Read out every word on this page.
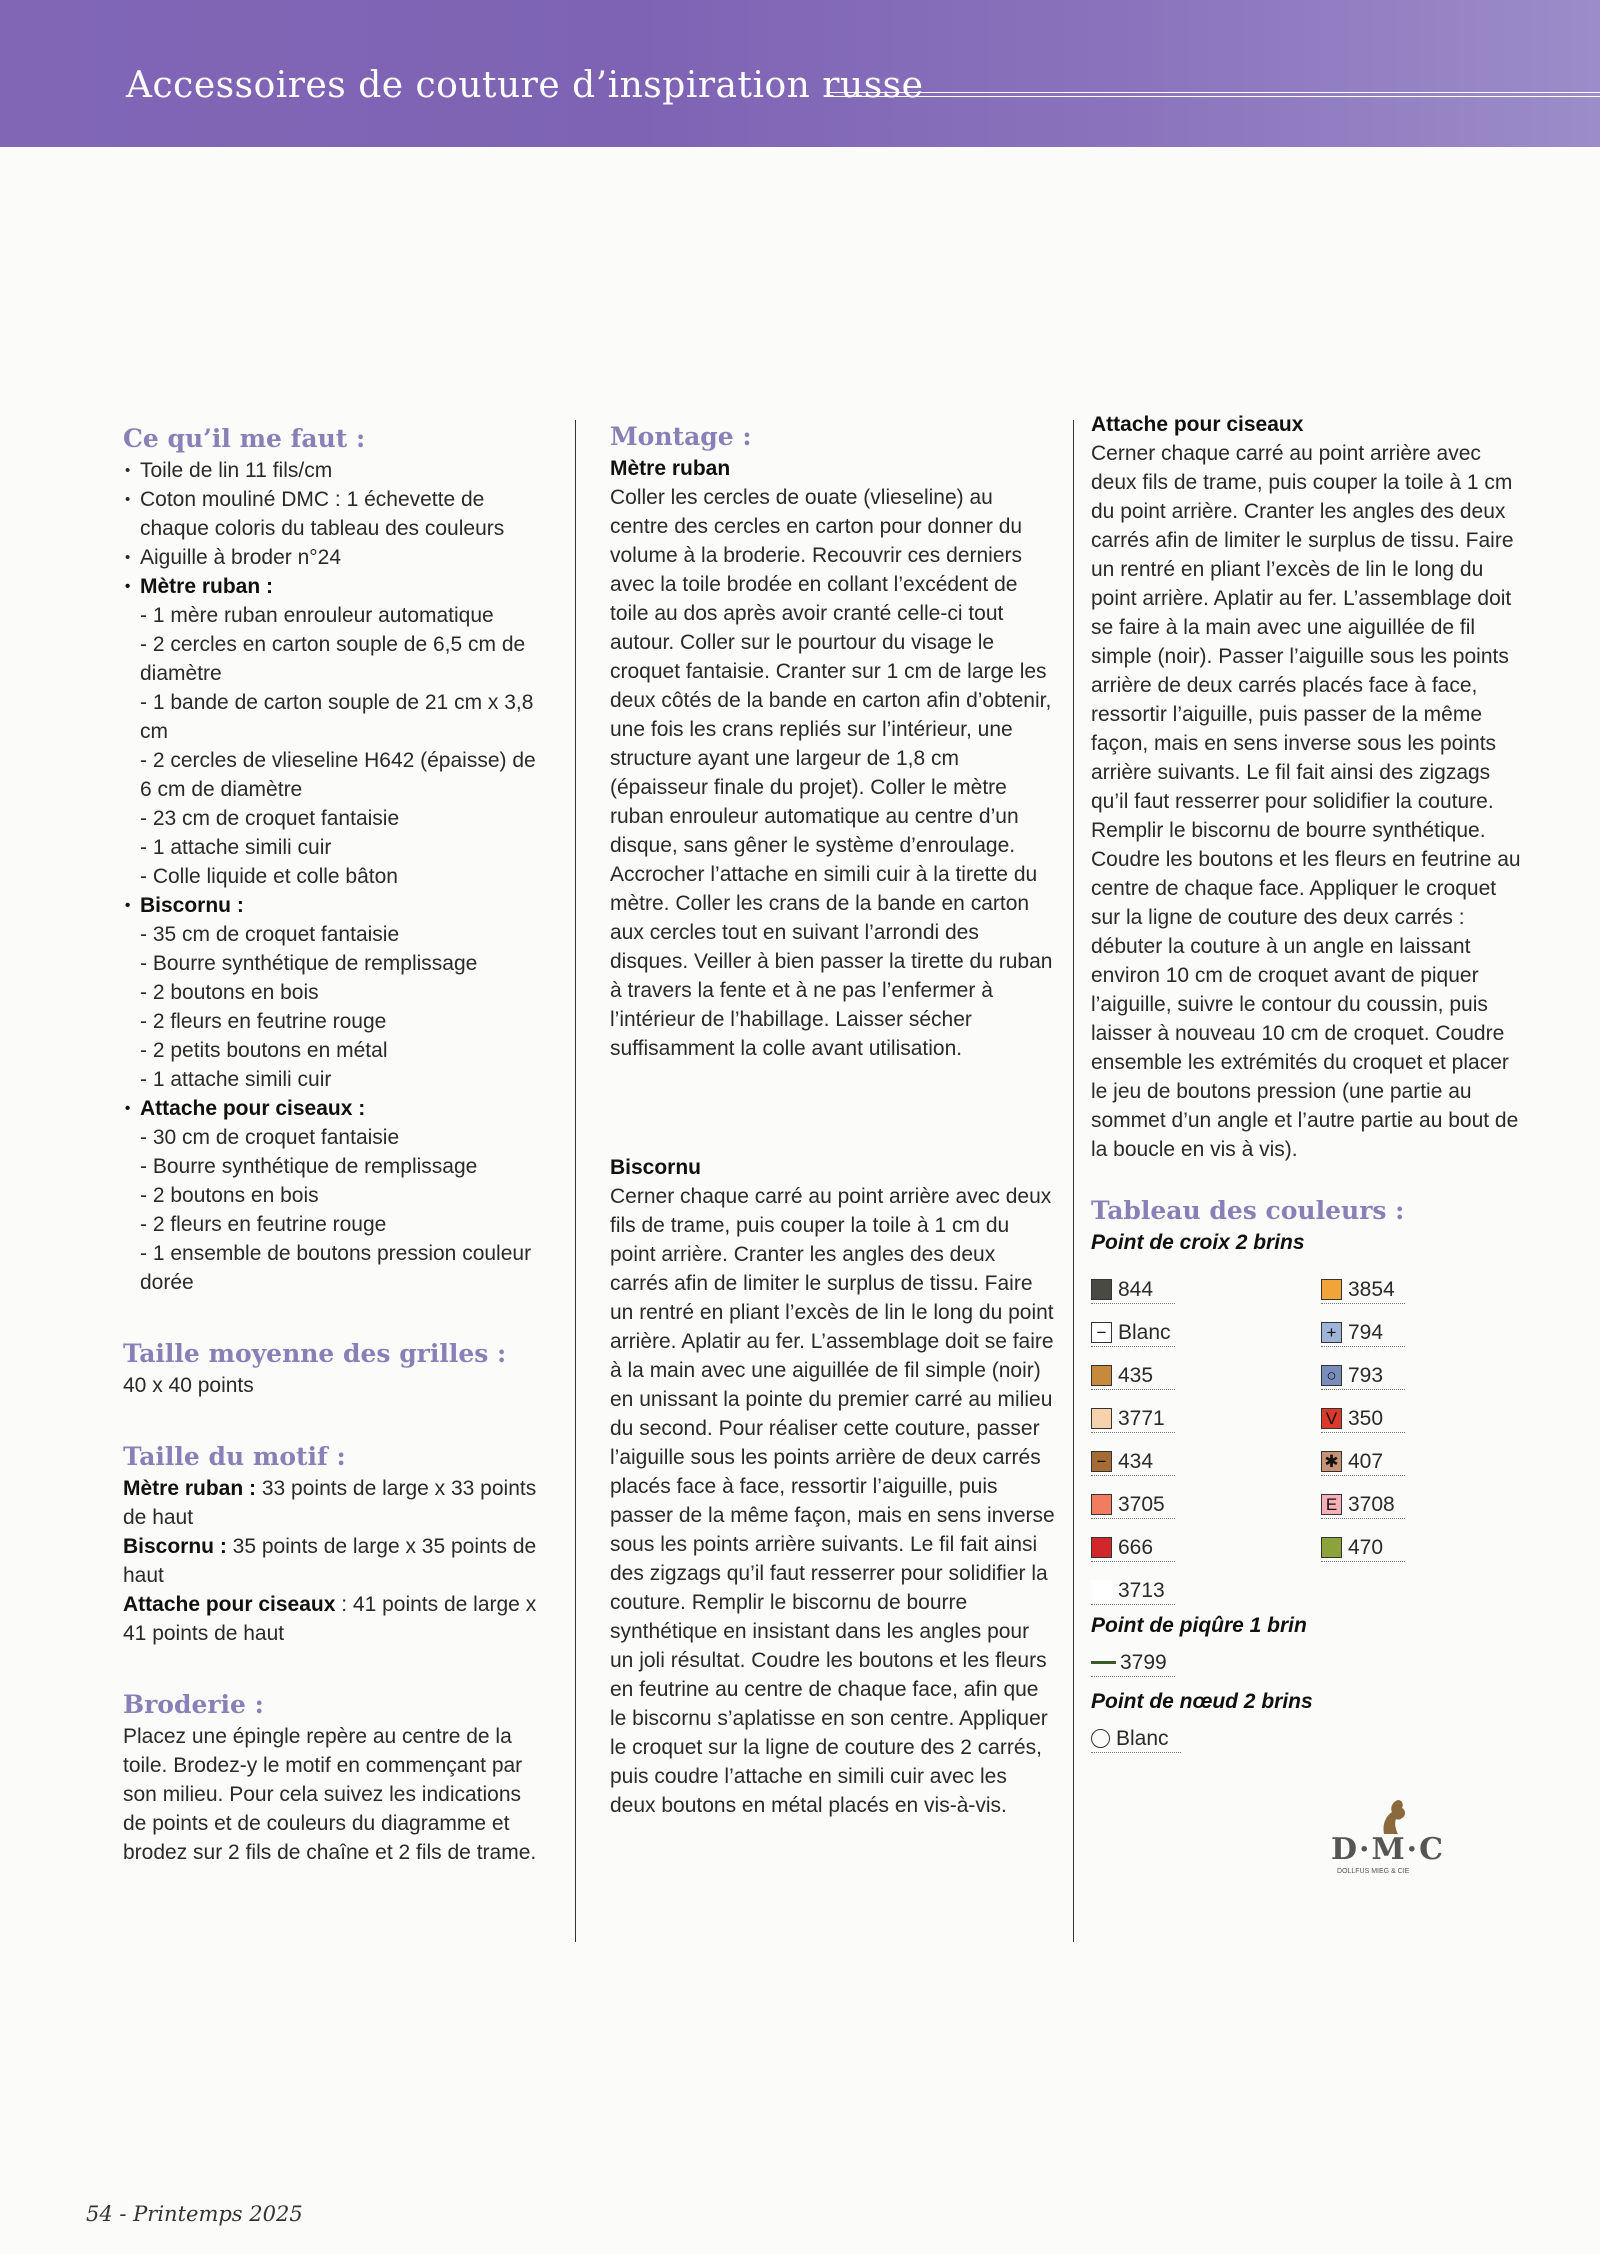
Accessoires de couture d’inspiration russe
Ce qu’il me faut :
• Toile de lin 11 fils/cm
• Coton mouliné DMC : 1 échevette de chaque coloris du tableau des couleurs
• Aiguille à broder n°24
• Mètre ruban :
- 1 mère ruban enrouleur automatique
- 2 cercles en carton souple de 6,5 cm de diamètre
- 1 bande de carton souple de 21 cm x 3,8 cm
- 2 cercles de vlieseline H642 (épaisse) de 6 cm de diamètre
- 23 cm de croquet fantaisie
- 1 attache simili cuir
- Colle liquide et colle bâton
• Biscornu :
- 35 cm de croquet fantaisie
- Bourre synthétique de remplissage
- 2 boutons en bois
- 2 fleurs en feutrine rouge
- 2 petits boutons en métal
- 1 attache simili cuir
• Attache pour ciseaux :
- 30 cm de croquet fantaisie
- Bourre synthétique de remplissage
- 2 boutons en bois
- 2 fleurs en feutrine rouge
- 1 ensemble de boutons pression couleur dorée
Taille moyenne des grilles :
40 x 40 points
Taille du motif :

Mètre ruban : 33 points de large x 33 points de haut

Biscornu : 35 points de large x 35 points de haut

Attache pour ciseaux : 41 points de large x 41 points de haut

Broderie :

Placez une épingle repère au centre de la toile. Brodez-y le motif en commençant par son milieu. Pour cela suivez les indications de points et de couleurs du diagramme et brodez sur 2 fils de chaîne et 2 fils de trame.

Montage :
Mètre ruban

Coller les cercles de ouate (vlieseline) au centre des cercles en carton pour donner du volume à la broderie. Recouvrir ces derniers avec la toile brodée en collant l’excédent de toile au dos après avoir cranté celle-ci tout autour. Coller sur le pourtour du visage le croquet fantaisie. Cranter sur 1 cm de large les deux côtés de la bande en carton afin d’obtenir, une fois les crans repliés sur l’intérieur, une structure ayant une largeur de 1,8 cm (épaisseur finale du projet). Coller le mètre ruban enrouleur automatique au centre d’un disque, sans gêner le système d’enroulage. Accrocher l’attache en simili cuir à la tirette du mètre. Coller les crans de la bande en carton aux cercles tout en suivant l’arrondi des disques. Veiller à bien passer la tirette du ruban à travers la fente et à ne pas l’enfermer à l’intérieur de l’habillage. Laisser sécher suffisamment la colle avant utilisation.

Biscornu

Cerner chaque carré au point arrière avec deux fils de trame, puis couper la toile à 1 cm du point arrière. Cranter les angles des deux carrés afin de limiter le surplus de tissu. Faire un rentré en pliant l’excès de lin le long du point arrière. Aplatir au fer. L’assemblage doit se faire à la main avec une aiguillée de fil simple (noir) en unissant la pointe du premier carré au milieu du second. Pour réaliser cette couture, passer l’aiguille sous les points arrière de deux carrés placés face à face, ressortir l’aiguille, puis passer de la même façon, mais en sens inverse sous les points arrière suivants. Le fil fait ainsi des zigzags qu’il faut resserrer pour solidifier la couture. Remplir le biscornu de bourre synthétique en insistant dans les angles pour un joli résultat. Coudre les boutons et les fleurs en feutrine au centre de chaque face, afin que le biscornu s’aplatisse en son centre. Appliquer le croquet sur la ligne de couture des 2 carrés, puis coudre l’attache en simili cuir avec les deux boutons en métal placés en vis-à-vis.

Attache pour ciseaux

Cerner chaque carré au point arrière avec deux fils de trame, puis couper la toile à 1 cm du point arrière. Cranter les angles des deux carrés afin de limiter le surplus de tissu. Faire un rentré en pliant l’excès de lin le long du point arrière. Aplatir au fer. L’assemblage doit se faire à la main avec une aiguillée de fil simple (noir). Passer l’aiguille sous les points arrière de deux carrés placés face à face, ressortir l’aiguille, puis passer de la même façon, mais en sens inverse sous les points arrière suivants. Le fil fait ainsi des zigzags qu’il faut resserrer pour solidifier la couture. Remplir le biscornu de bourre synthétique. Coudre les boutons et les fleurs en feutrine au centre de chaque face. Appliquer le croquet sur la ligne de couture des deux carrés : débuter la couture à un angle en laissant environ 10 cm de croquet avant de piquer l’aiguille, suivre le contour du coussin, puis laisser à nouveau 10 cm de croquet. Coudre ensemble les extrémités du croquet et placer le jeu de boutons pression (une partie au sommet d’un angle et l’autre partie au bout de la boucle en vis à vis).

Tableau des couleurs :
Point de croix 2 brins
844	3854
− Blanc	+ 794
435	○ 793
3771	V 350
− 434	✱ 407
3705	E 3708
666	470
3713
Point de piqûre 1 brin
3799
Point de nœud 2 brins
Blanc
D·M·C
DOLLFUS MIEG & CIE
54 - Printemps 2025
